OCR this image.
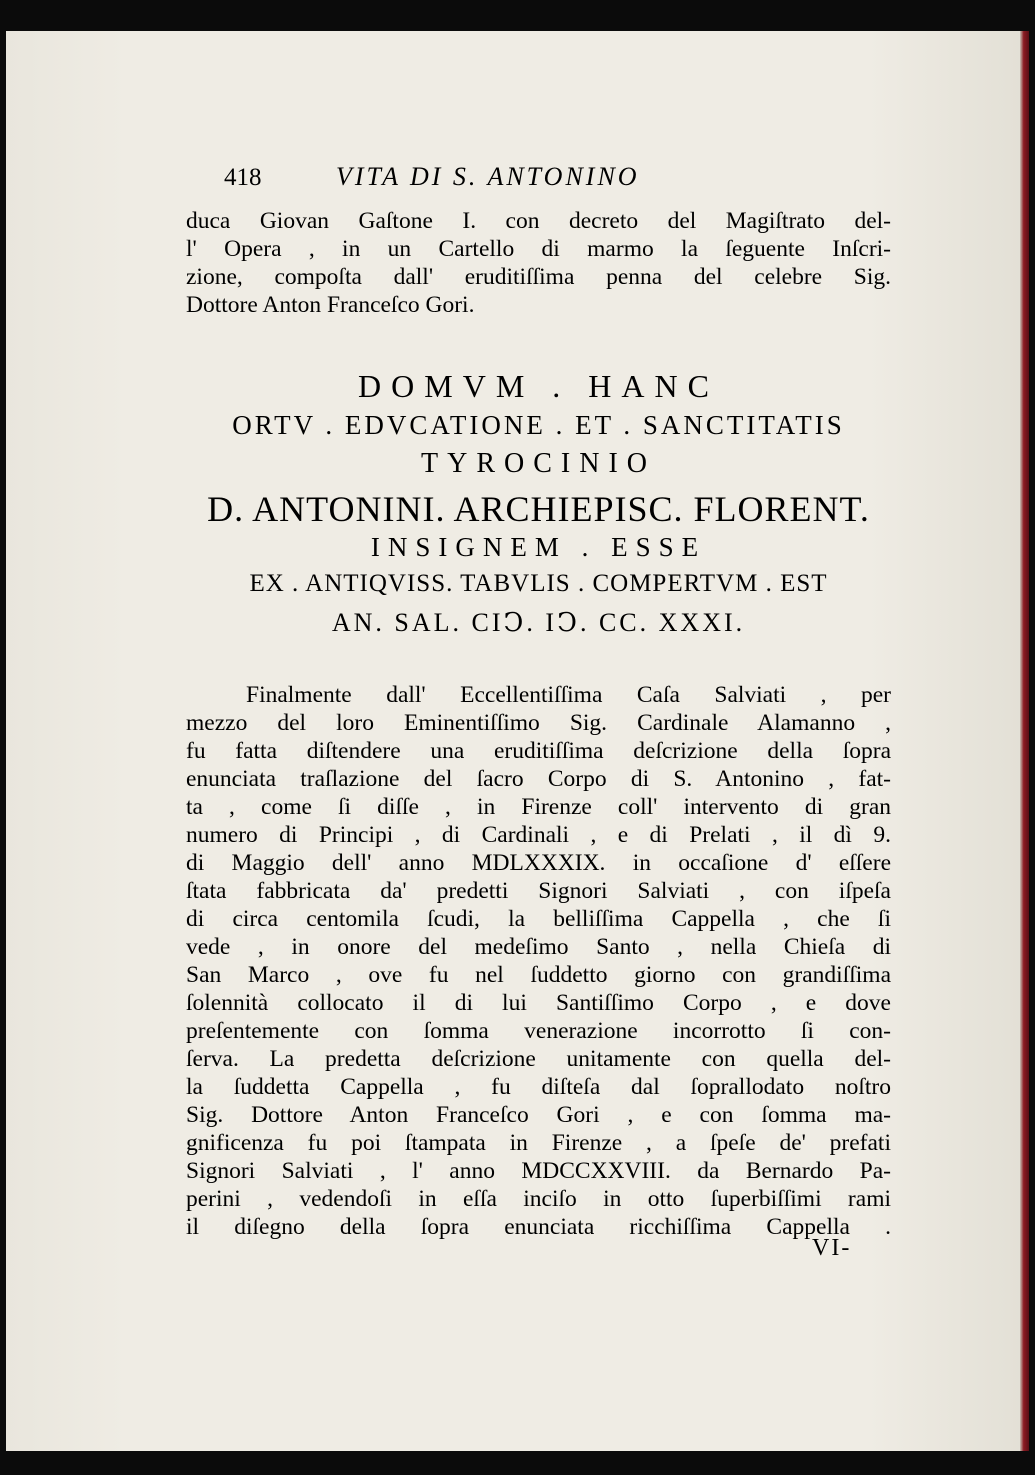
418	VITA DI S. ANTONINO
duca Giovan Gaſtone I. con decreto del Magiſtrato del-
l' Opera , in un Cartello di marmo la ſeguente Inſcri-
zione, compoſta dall' eruditiſſima penna del celebre Sig.
Dottore Anton Franceſco Gori.
DOMVM . HANC
ORTV . EDVCATIONE . ET . SANCTITATIS
TYROCINIO
D. ANTONINI. ARCHIEPISC. FLORENT.
INSIGNEM . ESSE
EX . ANTIQVISS. TABVLIS . COMPERTVM . EST
AN. SAL. CIↃ. IↃ. CC. XXXI.
Finalmente dall' Eccellentiſſima Caſa Salviati , per
mezzo del loro Eminentiſſimo Sig. Cardinale Alamanno ,
fu fatta diſtendere una eruditiſſima deſcrizione della ſopra
enunciata traſlazione del ſacro Corpo di S. Antonino , fat-
ta , come ſi diſſe , in Firenze coll' intervento di gran
numero di Principi , di Cardinali , e di Prelati , il dì 9.
di Maggio dell' anno MDLXXXIX. in occaſione d' eſſere
ſtata fabbricata da' predetti Signori Salviati , con iſpeſa
di circa centomila ſcudi, la belliſſima Cappella , che ſi
vede , in onore del medeſimo Santo , nella Chieſa di
San Marco , ove fu nel ſuddetto giorno con grandiſſima
ſolennità collocato il di lui Santiſſimo Corpo , e dove
preſentemente con ſomma venerazione incorrotto ſi con-
ſerva. La predetta deſcrizione unitamente con quella del-
la ſuddetta Cappella , fu diſteſa dal ſoprallodato noſtro
Sig. Dottore Anton Franceſco Gori , e con ſomma ma-
gnificenza fu poi ſtampata in Firenze , a ſpeſe de' prefati
Signori Salviati , l' anno MDCCXXVIII. da Bernardo Pa-
perini , vedendoſi in eſſa inciſo in otto ſuperbiſſimi rami
il diſegno della ſopra enunciata ricchiſſima Cappella .
VI-
